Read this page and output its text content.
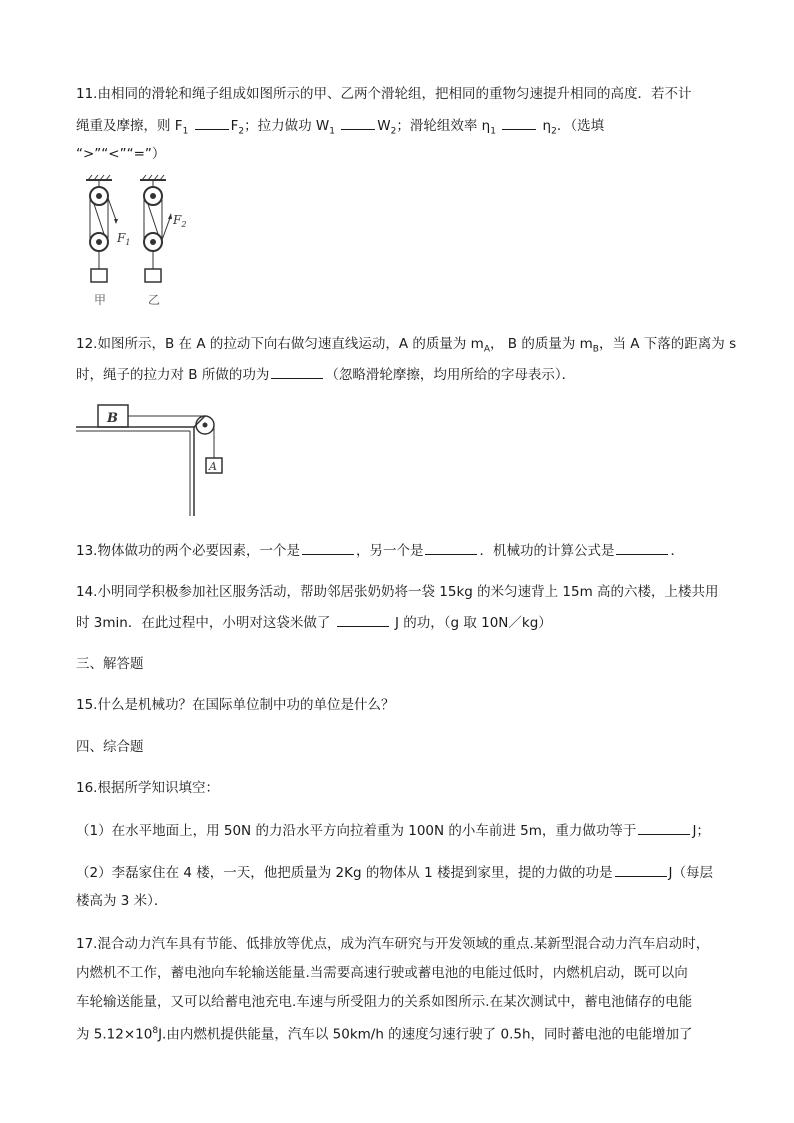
11.由相同的滑轮和绳子组成如图所示的甲、乙两个滑轮组，把相同的重物匀速提升相同的高度．若不计
绳重及摩擦，则 $F_1$	$F_2$；拉力做功 $W_1$	$W_2$；滑轮组效率 $\eta_1$	$\eta_2$．（选填
“>”“<”“=”）
$F_1$
甲
$F_2$
乙
12.如图所示，B 在 A 的拉动下向右做匀速直线运动，A 的质量为 $m_A$， B 的质量为 $m_B$，当 A 下落的距离为 s
时，绳子的拉力对 B 所做的功为	（忽略滑轮摩擦，均用所给的字母表示）．
B
A
13.物体做功的两个必要因素，一个是	，另一个是	．机械功的计算公式是	．
14.小明同学积极参加社区服务活动，帮助邻居张奶奶将一袋 15kg 的米匀速背上 15m 高的六楼，上楼共用
时 3min．在此过程中，小明对这袋米做了	J 的功，（g 取 10N／kg）
三、解答题
15.什么是机械功？在国际单位制中功的单位是什么？
四、综合题
16.根据所学知识填空：
（1）在水平地面上，用 50N 的力沿水平方向拉着重为 100N 的小车前进 5m，重力做功等于	J；
（2）李磊家住在 4 楼，一天，他把质量为 2Kg 的物体从 1 楼提到家里，提的力做的功是	J（每层
楼高为 3 米）．
17.混合动力汽车具有节能、低排放等优点，成为汽车研究与开发领域的重点.某新型混合动力汽车启动时，
内燃机不工作，蓄电池向车轮输送能量.当需要高速行驶或蓄电池的电能过低时，内燃机启动，既可以向
车轮输送能量，又可以给蓄电池充电.车速与所受阻力的关系如图所示.在某次测试中，蓄电池储存的电能
为 $5.12\times 10^8J$.由内燃机提供能量，汽车以 50km/h 的速度匀速行驶了 0.5h，同时蓄电池的电能增加了
